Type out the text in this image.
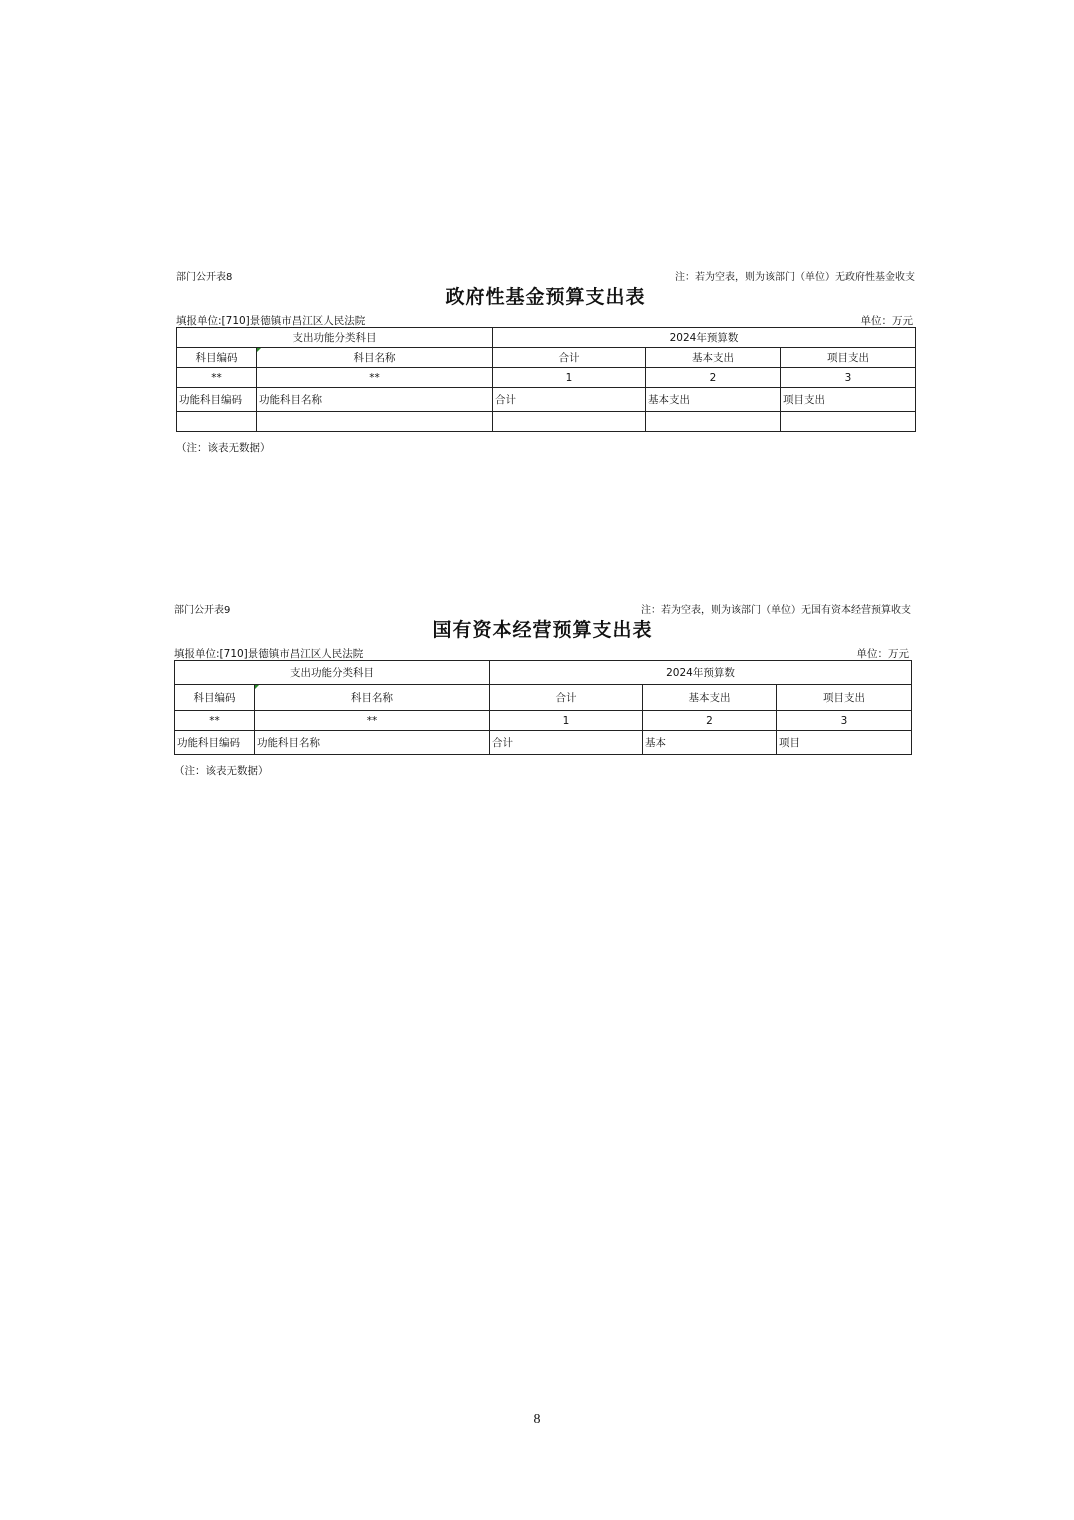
部门公开表8	注：若为空表，则为该部门（单位）无政府性基金收支
政府性基金预算支出表
填报单位:[710]景德镇市昌江区人民法院	单位：万元
支出功能分类科目		2024年预算数		
科目编码	科目名称	合计	基本支出	项目支出
**	**	1	2	3
功能科目编码	功能科目名称	合计	基本支出	项目支出

（注：该表无数据）
部门公开表9	注：若为空表，则为该部门（单位）无国有资本经营预算收支
国有资本经营预算支出表
填报单位:[710]景德镇市昌江区人民法院	单位：万元
支出功能分类科目		2024年预算数		
科目编码	科目名称	合计	基本支出	项目支出
**	**	1	2	3
功能科目编码	功能科目名称	合计	基本	项目
（注：该表无数据）
8
